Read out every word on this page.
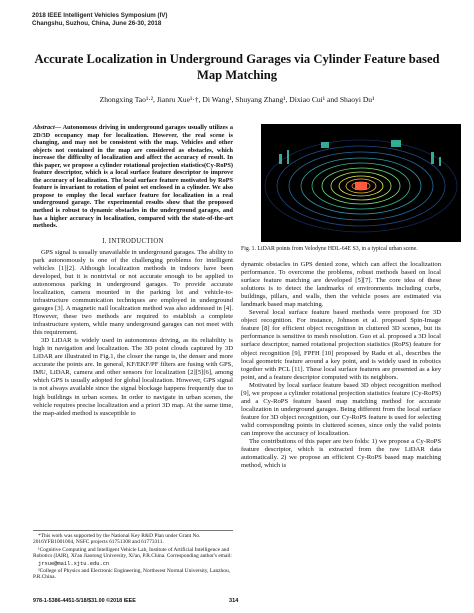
2018 IEEE Intelligent Vehicles Symposium (IV)
Changshu, Suzhou, China, June 26-30, 2018
Accurate Localization in Underground Garages via Cylinder Feature based Map Matching
Zhongxing Tao¹·², Jianru Xue¹·†, Di Wang¹, Shuyang Zhang¹, Dixiao Cui¹ and Shaoyi Du¹
Abstract— Autonomous driving in underground garages usually utilizes a 2D/3D occupancy map for localization. However, the real scene is changing, and may not be consistent with the map. Vehicles and other objects not contained in the map are considered as obstacles, which increase the difficulty of localization and affect the accuracy of result. In this paper, we propose a cylinder rotational projection statistics(Cy-RoPS) feature descriptor, which is a local surface feature descriptor to improve the accuracy of localization. The local surface feature motivated by RoPS feature is invariant to rotation of point set enclosed in a cylinder. We also propose to employ the local surface feature for localization in a real underground garage. The experimental results show that the proposed method is robust to dynamic obstacles in the underground garages, and has a higher accuracy in localization, compared with the state-of-the-art methods.
I. INTRODUCTION

GPS signal is usually unavailable in underground garages. The ability to park autonomously is one of the challenging problems for intelligent vehicles [1][2]. Although localization methods in indoors have been developed, but it is nontrivial or not accurate enough to be applied to autonomous parking in underground garages. To provide accurate localization, camera mounted in the parking lot and vehicle-to-infrastructure communication techniques are employed in underground garages [3]. A magnetic nail localization method was also addressed in [4]. However, these two methods are required to establish a complete infrastructure system, while many underground garages can not meet with this requirement.

3D LiDAR is widely used in autonomous driving, as its reliability is high in navigation and localization. The 3D point clouds captured by 3D LiDAR are illustrated in Fig.1, the closer the range is, the denser and more accurate the points are. In general, KF/EKF/PF filters are fusing with GPS, IMU, LiDAR, camera and other sensors for localization [2][5][6], among which GPS is usually adopted for global localization. However, GPS signal is not always available since the signal blockage happens frequently due to high buildings in urban scenes. In order to navigate in urban scenes, the vehicle requires precise localization and a priori 3D map. At the same time, the map-aided method is susceptible to

Fig. 1. LiDAR points from Velodyne HDL-64E S3, in a typical urban scene.

dynamic obstacles in GPS denied zone, which can affect the localization performance. To overcome the problems, robust methods based on local surface feature matching are developed [5][7]. The core idea of these solutions is to detect the landmarks of environments including curbs, buildings, pillars, and walls, then the vehicle poses are estimated via landmark based map matching.

Several local surface feature based methods were proposed for 3D object recognition. For instance, Johnson et al. proposed Spin-Image feature [8] for efficient object recognition in cluttered 3D scenes, but its performance is sensitive to mesh resolution. Guo et al. proposed a 3D local surface descriptor, named rotational projection statistics (RoPS) feature for object recognition [9], FPFH [10] proposed by Radu et al., describes the local geometric feature around a key point, and is widely used in robotics together with PCL [11]. These local surface features are presented as a key point, and a feature descriptor computed with its neighbors.

Motivated by local surface feature based 3D object recognition method [9], we propose a cylinder rotational projection statistics feature (Cy-RoPS) and a Cy-RoPS feature based map matching method for accurate localization in underground garages. Being different from the local surface feature for 3D object recognition, our Cy-RoPS feature is used for selecting valid corresponding points in cluttered scenes, since only the valid points can improve the accuracy of localization.

The contributions of this paper are two folds: 1) we propose a Cy-RoPS feature descriptor, which is extracted from the raw LiDAR data automatically. 2) we propose an efficient Cy-RoPS based map matching method, which is

*This work was supported by the National Key R&D Plan under Grant No. 2016YFB1001004, NSFC projects 61751308 and 61773311.

¹Cognitive Computing and Intelligent Vehicle Lab, Institute of Artificial Intelligence and Robotics (IAIR), Xi'an Jiaotong University, Xi'an, P.R.China. Corresponding author's email:

jrxue@mail.xjtu.edu.cn

²College of Physics and Electronic Engineering, Northwest Normal University, Lanzhou, P.R.China.

978-1-5386-4451-5/18/$31.00 ©2018 IEEE	314
